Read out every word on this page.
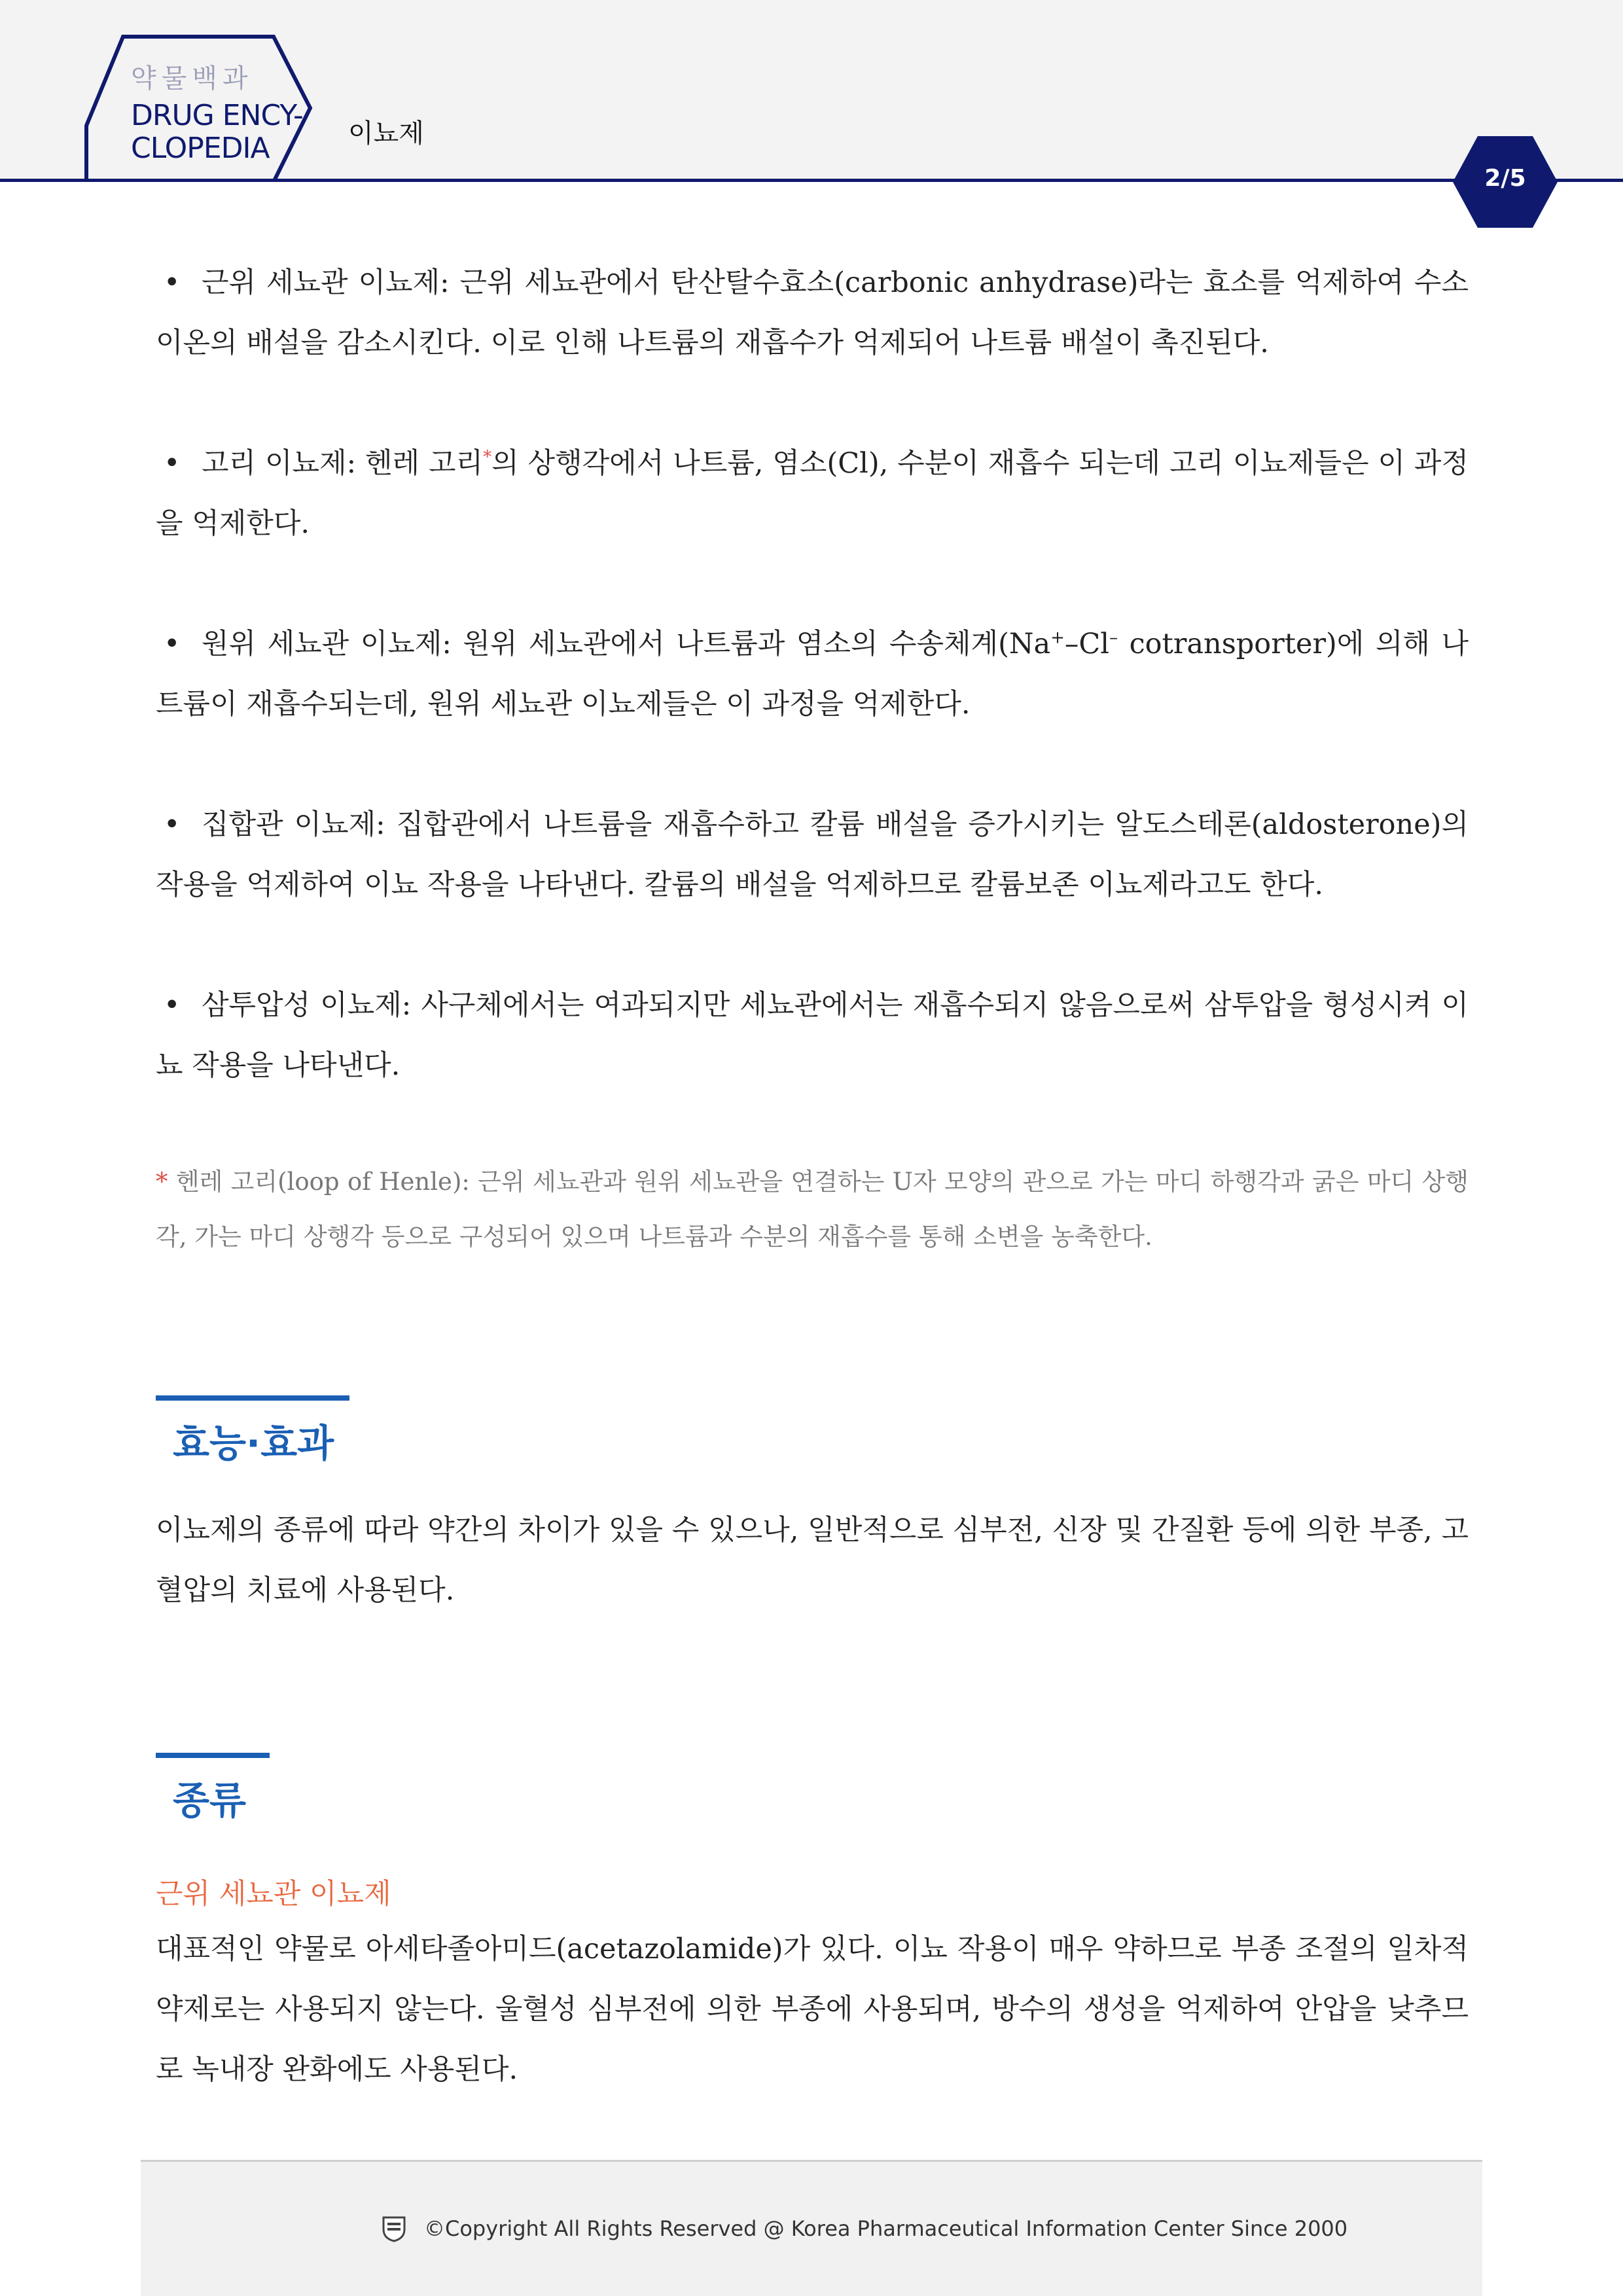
약물백과
DRUG ENCY-
CLOPEDIA	이뇨제
2/5
• 근위 세뇨관 이뇨제: 근위 세뇨관에서 탄산탈수효소(carbonic anhydrase)라는 효소를 억제하여 수소 이온의 배설을 감소시킨다. 이로 인해 나트륨의 재흡수가 억제되어 나트륨 배설이 촉진된다.
• 고리 이뇨제: 헨레 고리*의 상행각에서 나트륨, 염소(Cl), 수분이 재흡수 되는데 고리 이뇨제들은 이 과정을 억제한다.
• 원위 세뇨관 이뇨제: 원위 세뇨관에서 나트륨과 염소의 수송체계(Na+–Cl– cotransporter)에 의해 나트륨이 재흡수되는데, 원위 세뇨관 이뇨제들은 이 과정을 억제한다.
• 집합관 이뇨제: 집합관에서 나트륨을 재흡수하고 칼륨 배설을 증가시키는 알도스테론(aldosterone)의 작용을 억제하여 이뇨 작용을 나타낸다. 칼륨의 배설을 억제하므로 칼륨보존 이뇨제라고도 한다.
• 삼투압성 이뇨제: 사구체에서는 여과되지만 세뇨관에서는 재흡수되지 않음으로써 삼투압을 형성시켜 이뇨 작용을 나타낸다.
* 헨레 고리(loop of Henle): 근위 세뇨관과 원위 세뇨관을 연결하는 U자 모양의 관으로 가는 마디 하행각과 굵은 마디 상행각, 가는 마디 상행각 등으로 구성되어 있으며 나트륨과 수분의 재흡수를 통해 소변을 농축한다.
효능·효과
이뇨제의 종류에 따라 약간의 차이가 있을 수 있으나, 일반적으로 심부전, 신장 및 간질환 등에 의한 부종, 고혈압의 치료에 사용된다.
종류
근위 세뇨관 이뇨제
대표적인 약물로 아세타졸아미드(acetazolamide)가 있다. 이뇨 작용이 매우 약하므로 부종 조절의 일차적 약제로는 사용되지 않는다. 울혈성 심부전에 의한 부종에 사용되며, 방수의 생성을 억제하여 안압을 낮추므로 녹내장 완화에도 사용된다.
©Copyright All Rights Reserved @ Korea Pharmaceutical Information Center Since 2000
